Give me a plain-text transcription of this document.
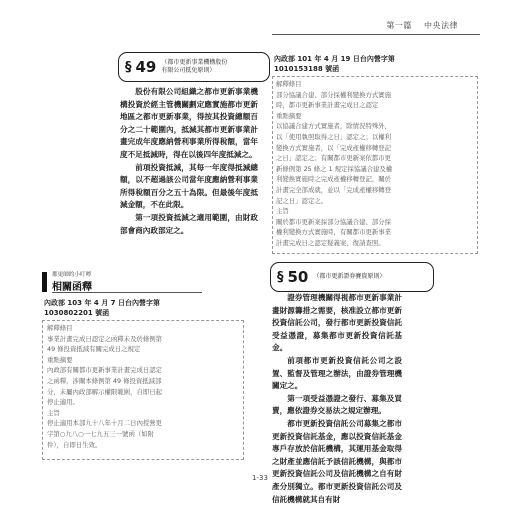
第一篇 中央法律
§ 49 （都市更新事業機構股份
有限公司抵免原則）

股份有限公司組織之都市更新事業機構投資於經主管機關劃定應實施都市更新地區之都市更新事業，得按其投資總額百分之二十範圍內，抵減其都市更新事業計畫完成年度應納營利事業所得稅額，當年度不足抵減時，得在以後四年度抵減之。

前項投資抵減，其每一年度得抵減總額，以不超過該公司當年度應納營利事業所得稅額百分之五十為限。但最後年度抵減金額，不在此限。

第一項投資抵減之適用範圍，由財政部會商內政部定之。

都更師的小叮嚀
相關函釋

內政部 103 年 4 月 7 日台內營字第

1030802201 號函

解釋條目

事業計畫完成日認定之函釋未及於條例第

49 條投資抵減有關完成日之規定

重點摘要

內政部有關都市更新事業計畫完成日認定

之函釋，涉關本條例第 49 條投資抵減部

分，未屬內政部解示權限範圍，自即日起

停止適用。

主旨

停止適用本部九十八年十月二日內授營更

字第○九八○一七九五三一號函（如附

件），自即日生效。

內政部 101 年 4 月 19 日台內營字第

1010153188 號函

解釋條目

部分協議合建、部分採權利變換方式實施

時，都市更新事業計畫完成日之認定

重點摘要

以協議合建方式實施者，除情況特殊外，

以「使用執照取得之日」認定之；以權利

變換方式實施者，以「完成產權移轉登記

之日」認定之；有關都市更新案依都市更

新條例第 25 條之 1 規定採協議合建及權

利變換實施時之完成產權移轉登記，關於

計畫完全部成就，並以「完成產權移轉登

記之日」認定之。

主旨

關於都市更新案採部分協議合建、部分採

權利變換方式實施時，有關都市更新事業

計畫完成日之認定疑義案，復請查照。

§ 50 （都市更新證券賽資原則）

證券管理機關得視都市更新事業計畫財源籌措之需要，核准設立都市更新投資信託公司，發行都市更新投資信託受益憑證，募集都市更新投資信託基金。

前項都市更新投資信託公司之設置、監督及管理之辦法，由證券管理機關定之。

第一項受益憑證之發行、募集及買賣，應依證券交易法之規定辦理。

都市更新投資信託公司募集之都市更新投資信託基金，應以投資信託基金專戶存放於信託機構，其運用基金取得之財產並應信託予該信託機構，與都市更新投資信託公司及信託機構之自有財產分別獨立。都市更新投資信託公司及信託機構就其自有財

1-33
